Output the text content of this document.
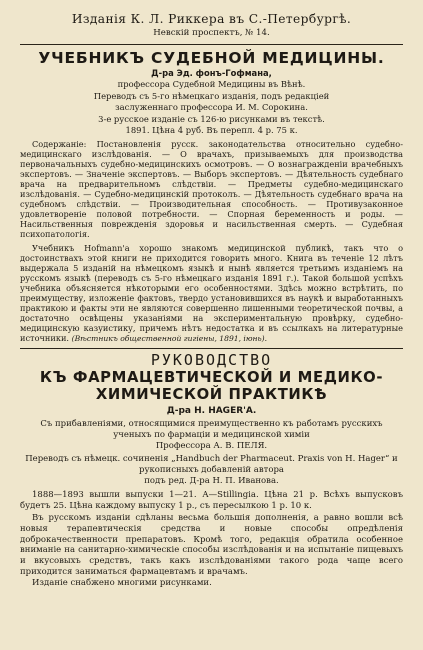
Изданія К. Л. Риккера въ С.-Петербургѣ.
Невскій проспектъ, № 14.
УЧЕБНИКЪ СУДЕБНОЙ МЕДИЦИНЫ.
Д-ра Эд. фонъ-Гофмана,
профессора Судебной Медицины въ Вѣнѣ.
Переводъ съ 5-го нѣмецкаго изданія, подъ редакціей
заслуженнаго профессора И. М. Сорокина.
3-е русское изданіе съ 126-ю рисунками въ текстѣ.
1891. Цѣна 4 руб. Въ перепл. 4 р. 75 к.

Содержаніе: Постановленія русск. законодательства относительно судебно-медицинскаго изслѣдованія. — О врачахъ, призываемыхъ для производства первоначальныхъ судебно-медицинскихъ осмотровъ. — О вознагражденіи врачебныхъ экспертовъ. — Значеніе экспертовъ. — Выборъ экспертовъ. — Дѣятельность судебнаго врача на предварительномъ слѣдствіи. — Предметы судебно-медицинскаго изслѣдованія. — Судебно-медицинскій протоколъ. — Дѣятельность судебнаго врача на судебномъ слѣдствіи. — Производительная способность. — Противузаконное удовлетвореніе половой потребности. — Спорная беременность и роды. — Насильственныя поврежденія здоровья и насильственная смерть. — Судебная психопатологія.

Учебникъ Hofmann'а хорошо знакомъ медицинской публикѣ, такъ что о достоинствахъ этой книги не приходится говорить много. Книга въ теченіе 12 лѣтъ выдержала 5 изданій на нѣмецкомъ языкѣ и нынѣ является третьимъ изданіемъ на русскомъ языкѣ (переводъ съ 5-го нѣмецкаго изданія 1891 г.). Такой большой успѣхъ учебника объясняется нѣкоторыми его особенностями. Здѣсь можно встрѣтить, по преимуществу, изложеніе фактовъ, твердо установившихся въ наукѣ и выработанныхъ практикою и факты эти не являются совершенно лишенными теоретической почвы, а достаточно освѣщены указаніями на экспериментальную провѣрку, судебно-медицинскую казуистику, причемъ нѣтъ недостатка и въ ссылкахъ на литературные источники. (Вѣстникъ общественной гигіены, 1891, іюнь).

РУКОВОДСТВО
КЪ ФАРМАЦЕВТИЧЕСКОЙ И МЕДИКО-
ХИМИЧЕСКОЙ ПРАКТИКѢ
Д-ра Н. HAGER'А.
Съ прибавленіями, относящимися преимущественно къ работамъ русскихъ
ученыхъ по фармаціи и медицинской химіи
Профессора А. В. ПЕЛЯ.
Переводъ съ нѣмецк. сочиненія „Handbuch der Pharmaceut. Praxis von H. Hager“ и рукописныхъ добавленій автора
подъ ред. Д-ра Н. П. Иванова.

1888—1893 вышли выпуски 1—21. А—Stillingia. Цѣна 21 р. Всѣхъ выпусковъ будетъ 25. Цѣна каждому выпуску 1 р., съ пересылкою 1 р. 10 к.

Въ русскомъ изданіи сдѣланы весьма большія дополненія, а равно вошли всѣ новыя терапевтическія средства и новые способы опредѣленія доброкачественности препаратовъ. Кромѣ того, редакція обратила особенное вниманіе на санитарно-химическіе способы изслѣдованія и на испытаніе пищевыхъ и вкусовыхъ средствъ, такъ какъ изслѣдованіями такого рода чаще всего приходится заниматься фармацевтамъ и врачамъ.

Изданіе снабжено многими рисунками.
